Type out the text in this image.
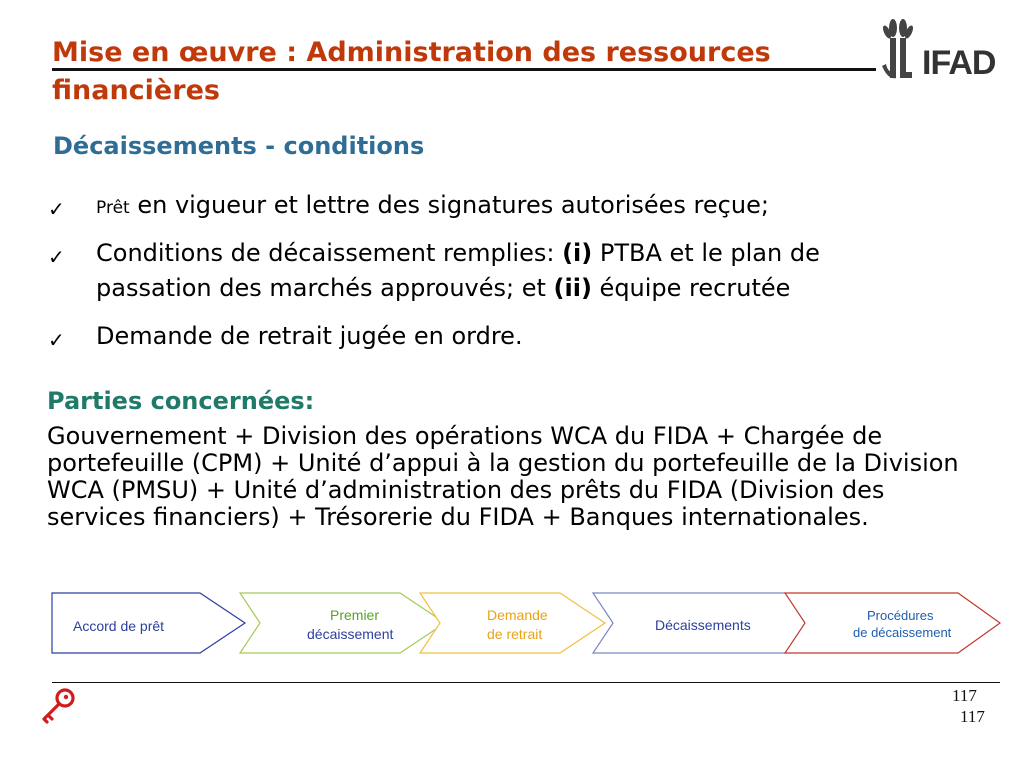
Mise en œuvre : Administration des ressources
financières
IFAD
Décaissements - conditions
✓ Prêt en vigueur et lettre des signatures autorisées reçue;
✓ Conditions de décaissement remplies: (i) PTBA et le plan de
passation des marchés approuvés; et (ii) équipe recrutée
✓ Demande de retrait jugée en ordre.
Parties concernées:
Gouvernement + Division des opérations WCA du FIDA + Chargée de portefeuille (CPM) + Unité d’appui à la gestion du portefeuille de la Division WCA (PMSU) + Unité d’administration des prêts du FIDA (Division des services financiers) + Trésorerie du FIDA + Banques internationales.
Accord de prêt
Premier
décaissement
Demande
de retrait
Décaissements
Procédures
de décaissement
117
117
